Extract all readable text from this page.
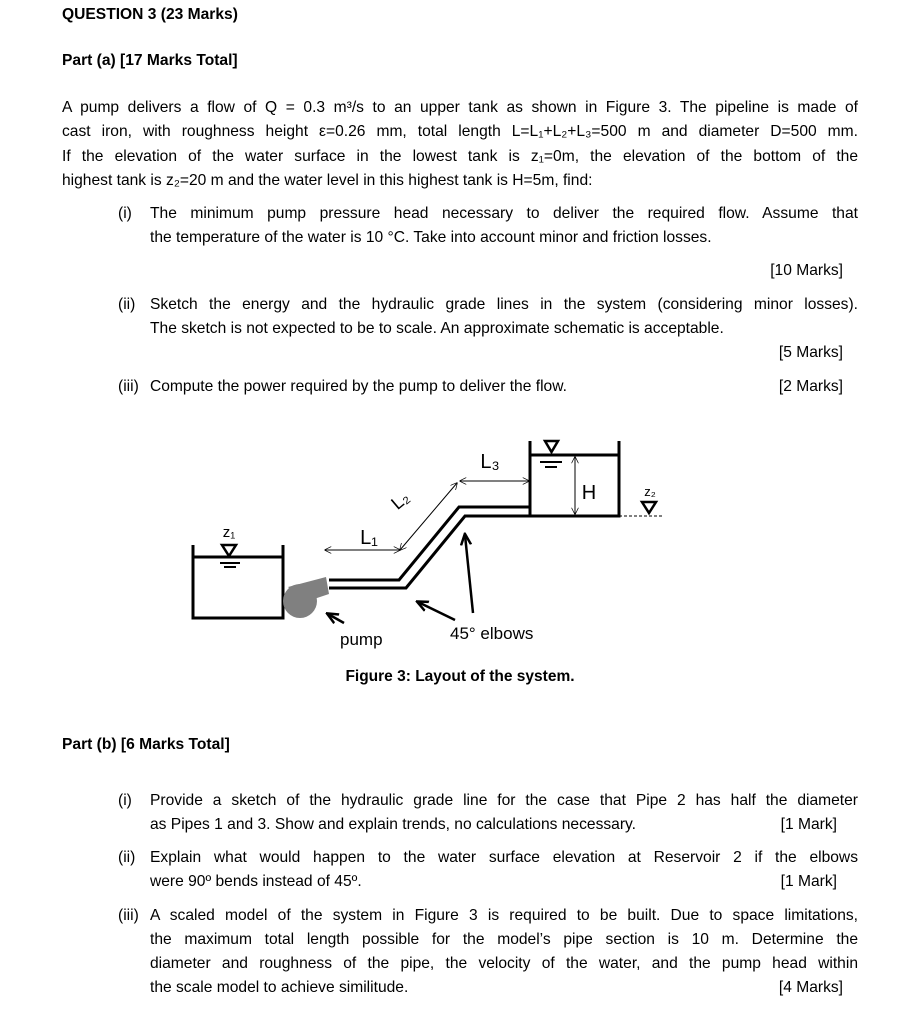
QUESTION 3 (23 Marks)
Part (a) [17 Marks Total]
A pump delivers a flow of Q = 0.3 m³/s to an upper tank as shown in Figure 3. The pipeline is made of
cast iron, with roughness height ε=0.26 mm, total length L=L₁+L₂+L₃=500 m and diameter D=500 mm.
If the elevation of the water surface in the lowest tank is z₁=0m, the elevation of the bottom of the
highest tank is z₂=20 m and the water level in this highest tank is H=5m, find:
(i) The minimum pump pressure head necessary to deliver the required flow. Assume that
the temperature of the water is 10 °C. Take into account minor and friction losses.
[10 Marks]
(ii) Sketch the energy and the hydraulic grade lines in the system (considering minor losses).
The sketch is not expected to be to scale. An approximate schematic is acceptable.
[5 Marks]
(iii) Compute the power required by the pump to deliver the flow.	[2 Marks]
z₁
H	z₂
L₁
L₂
L₃
pump	45° elbows
Figure 3: Layout of the system.
Part (b) [6 Marks Total]
(i) Provide a sketch of the hydraulic grade line for the case that Pipe 2 has half the diameter
as Pipes 1 and 3. Show and explain trends, no calculations necessary.	[1 Mark]
(ii) Explain what would happen to the water surface elevation at Reservoir 2 if the elbows
were 90º bends instead of 45º.	[1 Mark]
(iii) A scaled model of the system in Figure 3 is required to be built. Due to space limitations,
the maximum total length possible for the model’s pipe section is 10 m. Determine the
diameter and roughness of the pipe, the velocity of the water, and the pump head within
the scale model to achieve similitude.	[4 Marks]
